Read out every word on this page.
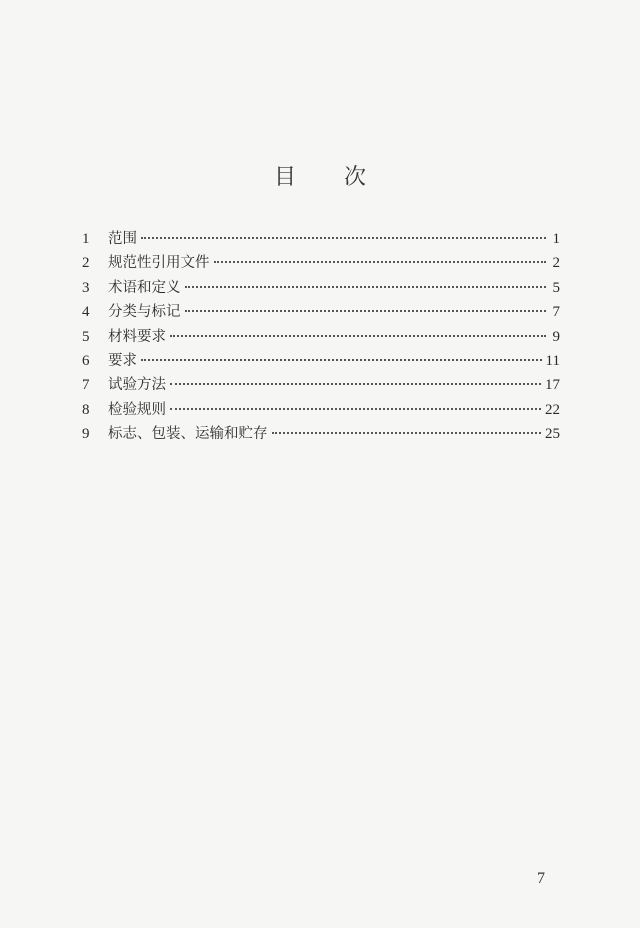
目次
1	范围	1
2	规范性引用文件	2
3	术语和定义	5
4	分类与标记	7
5	材料要求	9
6	要求	11
7	试验方法	17
8	检验规则	22
9	标志、包装、运输和贮存	25
7
